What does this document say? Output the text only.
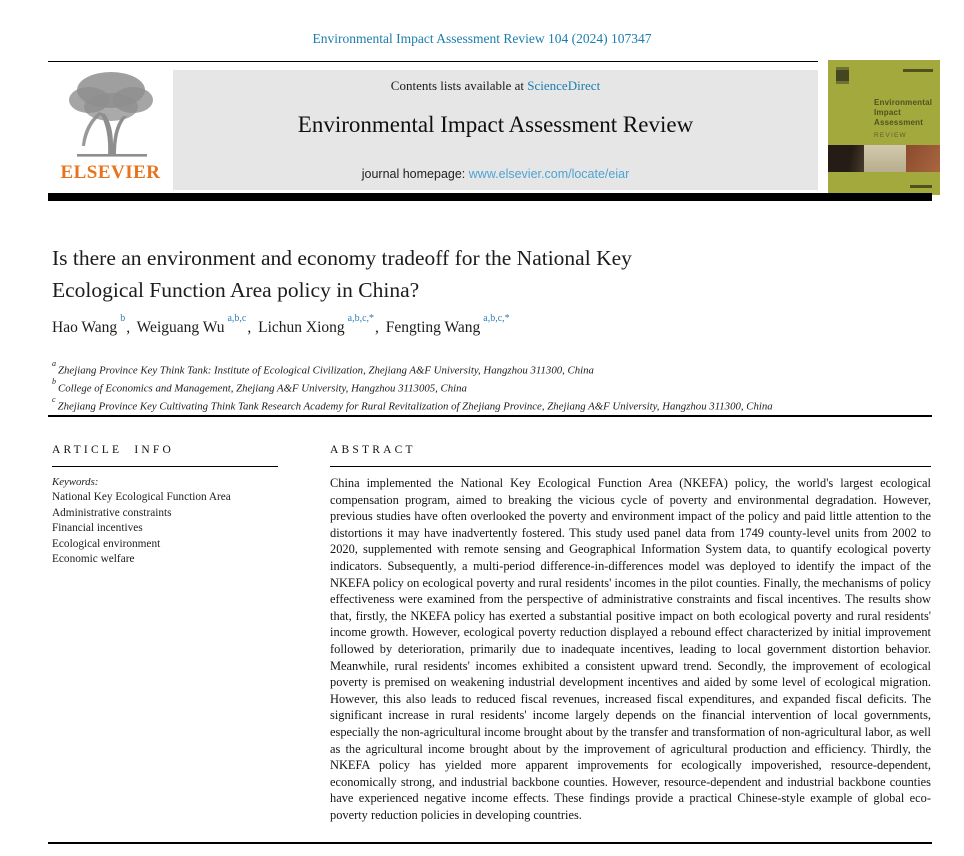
Environmental Impact Assessment Review 104 (2024) 107347
ELSEVIER
Contents lists available at ScienceDirect
Environmental Impact Assessment Review
journal homepage: www.elsevier.com/locate/eiar
Environmental
Impact
Assessment
REVIEW
Is there an environment and economy tradeoff for the National Key
Ecological Function Area policy in China?
Hao Wang$^b$, Weiguang Wu$^{a,b,c}$, Lichun Xiong$^{a,b,c,*}$, Fengting Wang$^{a,b,c,*}$
$^a$Zhejiang Province Key Think Tank: Institute of Ecological Civilization, Zhejiang A&F University, Hangzhou 311300, China
$^b$College of Economics and Management, Zhejiang A&F University, Hangzhou 3113005, China
$^c$Zhejiang Province Key Cultivating Think Tank Research Academy for Rural Revitalization of Zhejiang Province, Zhejiang A&F University, Hangzhou 311300, China
ARTICLE INFO
Keywords:
National Key Ecological Function Area
Administrative constraints
Financial incentives
Ecological environment
Economic welfare
ABSTRACT
China implemented the National Key Ecological Function Area (NKEFA) policy, the world's largest ecological compensation program, aimed to breaking the vicious cycle of poverty and environmental degradation. However, previous studies have often overlooked the poverty and environment impact of the policy and paid little attention to the distortions it may have inadvertently fostered. This study used panel data from 1749 county-level units from 2002 to 2020, supplemented with remote sensing and Geographical Information System data, to quantify ecological poverty indicators. Subsequently, a multi-period difference-in-differences model was deployed to identify the impact of the NKEFA policy on ecological poverty and rural residents' incomes in the pilot counties. Finally, the mechanisms of policy effectiveness were examined from the perspective of administrative constraints and fiscal incentives. The results show that, firstly, the NKEFA policy has exerted a substantial positive impact on both ecological poverty and rural residents' income growth. However, ecological poverty reduction displayed a rebound effect characterized by initial improvement followed by deterioration, primarily due to inadequate incentives, leading to local government distortion behavior. Meanwhile, rural residents' incomes exhibited a consistent upward trend. Secondly, the improvement of ecological poverty is premised on weakening industrial development incentives and aided by some level of ecological migration. However, this also leads to reduced fiscal revenues, increased fiscal expenditures, and expanded fiscal deficits. The significant increase in rural residents' income largely depends on the financial intervention of local governments, especially the non-agricultural income brought about by the transfer and transformation of non-agricultural labor, as well as the agricultural income brought about by the improvement of agricultural production and efficiency. Thirdly, the NKEFA policy has yielded more apparent improvements for ecologically impoverished, resource-dependent, economically strong, and industrial backbone counties. However, resource-dependent and industrial backbone counties have experienced negative income effects. These findings provide a practical Chinese-style example of global eco-poverty reduction policies in developing countries.
